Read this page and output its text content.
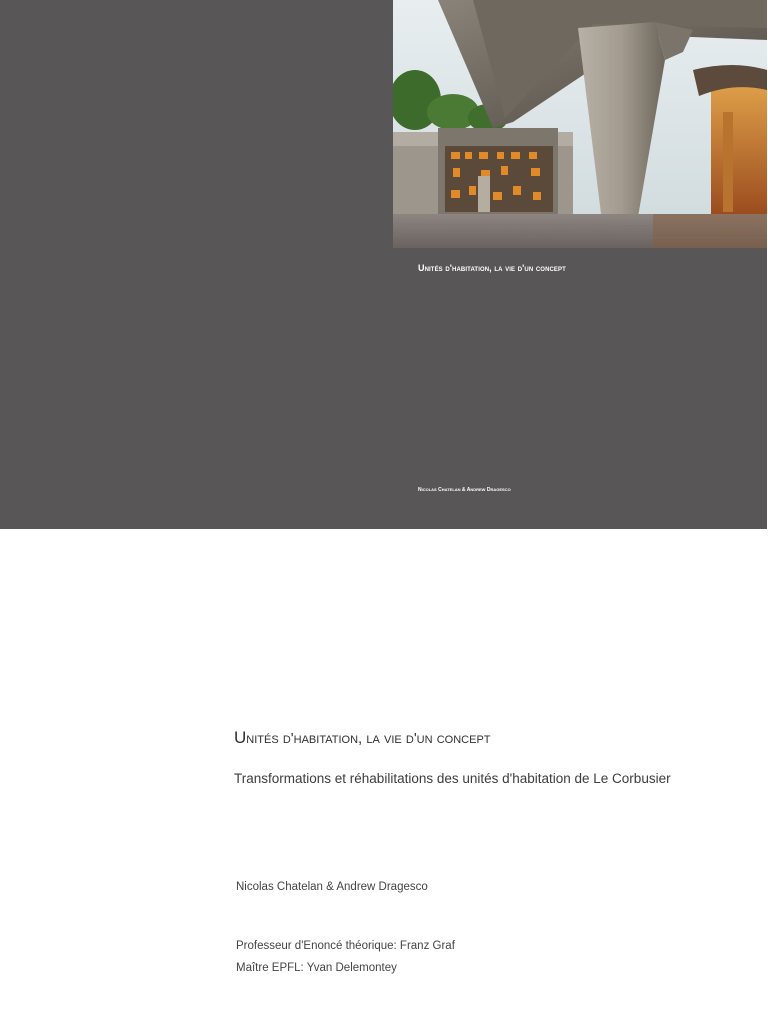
Unités d'habitation, la vie d'un concept
Nicolas Chatelan & Andrew Dragesco
Unités d'habitation, la vie d'un concept
Transformations et réhabilitations des unités d'habitation de Le Corbusier
Nicolas Chatelan & Andrew Dragesco
Professeur d'Enoncé théorique: Franz Graf
Maître EPFL: Yvan Delemontey
